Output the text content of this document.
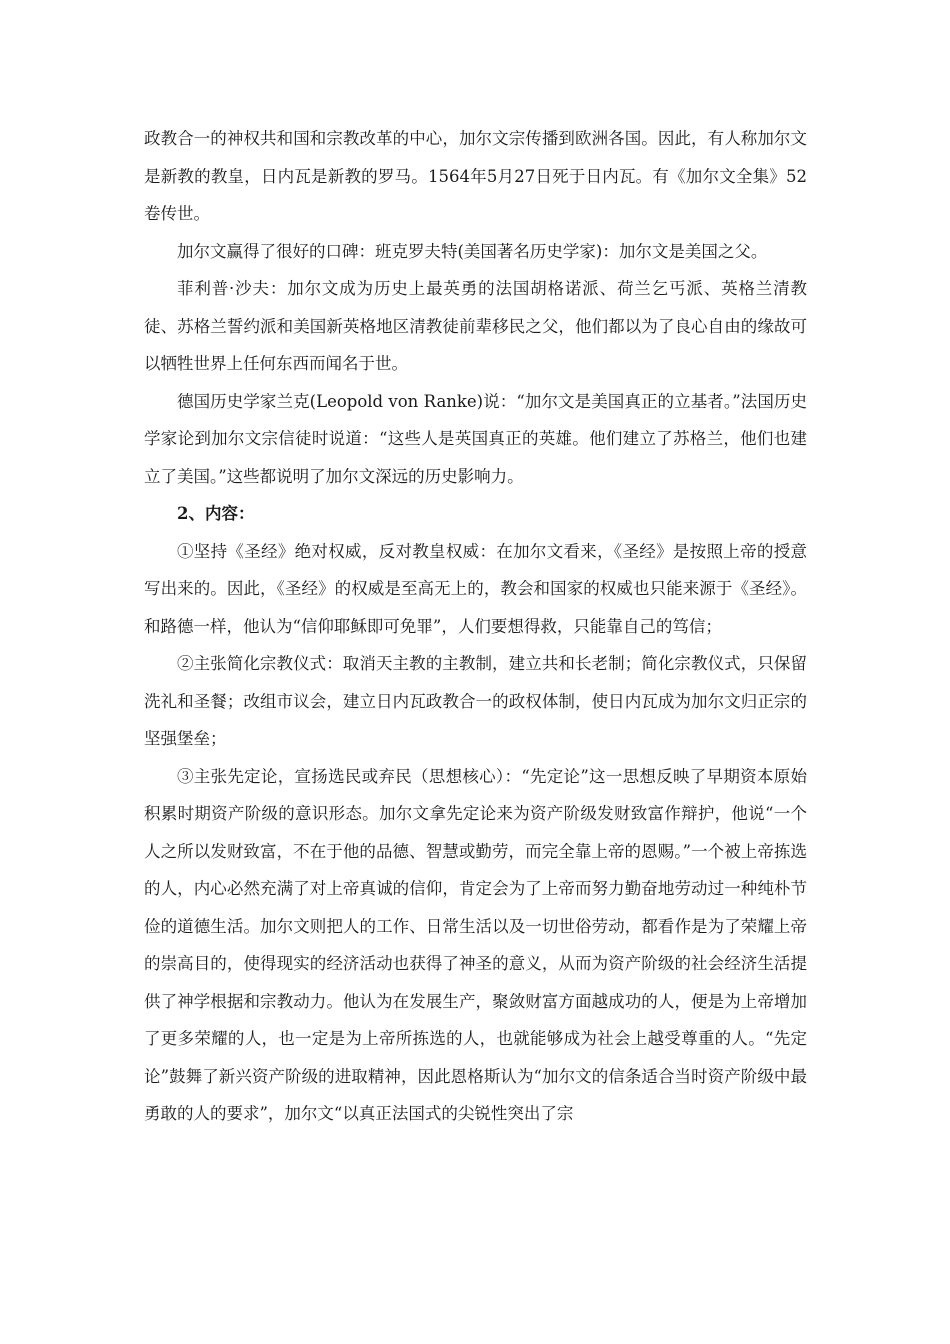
政教合一的神权共和国和宗教改革的中心，加尔文宗传播到欧洲各国。因此，有人称加尔文是新教的教皇，日内瓦是新教的罗马。1564年5月27日死于日内瓦。有《加尔文全集》52卷传世。

加尔文赢得了很好的口碑：班克罗夫特(美国著名历史学家)：加尔文是美国之父。

菲利普·沙夫：加尔文成为历史上最英勇的法国胡格诺派、荷兰乞丐派、英格兰清教徒、苏格兰誓约派和美国新英格地区清教徒前辈移民之父，他们都以为了良心自由的缘故可以牺牲世界上任何东西而闻名于世。

德国历史学家兰克(Leopold von Ranke)说：“加尔文是美国真正的立基者。”法国历史学家论到加尔文宗信徒时说道：“这些人是英国真正的英雄。他们建立了苏格兰，他们也建立了美国。”这些都说明了加尔文深远的历史影响力。

2、内容：

①坚持《圣经》绝对权威，反对教皇权威：在加尔文看来，《圣经》是按照上帝的授意写出来的。因此，《圣经》的权威是至高无上的，教会和国家的权威也只能来源于《圣经》。和路德一样，他认为“信仰耶稣即可免罪”，人们要想得救，只能靠自己的笃信；

②主张简化宗教仪式：取消天主教的主教制，建立共和长老制；简化宗教仪式，只保留洗礼和圣餐；改组市议会，建立日内瓦政教合一的政权体制，使日内瓦成为加尔文归正宗的坚强堡垒；

③主张先定论，宣扬选民或弃民（思想核心）：“先定论”这一思想反映了早期资本原始积累时期资产阶级的意识形态。加尔文拿先定论来为资产阶级发财致富作辩护，他说“一个人之所以发财致富，不在于他的品德、智慧或勤劳，而完全靠上帝的恩赐。”一个被上帝拣选的人，内心必然充满了对上帝真诚的信仰，肯定会为了上帝而努力勤奋地劳动过一种纯朴节俭的道德生活。加尔文则把人的工作、日常生活以及一切世俗劳动，都看作是为了荣耀上帝的崇高目的，使得现实的经济活动也获得了神圣的意义，从而为资产阶级的社会经济生活提供了神学根据和宗教动力。他认为在发展生产，聚敛财富方面越成功的人，便是为上帝增加了更多荣耀的人，也一定是为上帝所拣选的人，也就能够成为社会上越受尊重的人。“先定论”鼓舞了新兴资产阶级的进取精神，因此恩格斯认为“加尔文的信条适合当时资产阶级中最勇敢的人的要求”，加尔文“以真正法国式的尖锐性突出了宗
